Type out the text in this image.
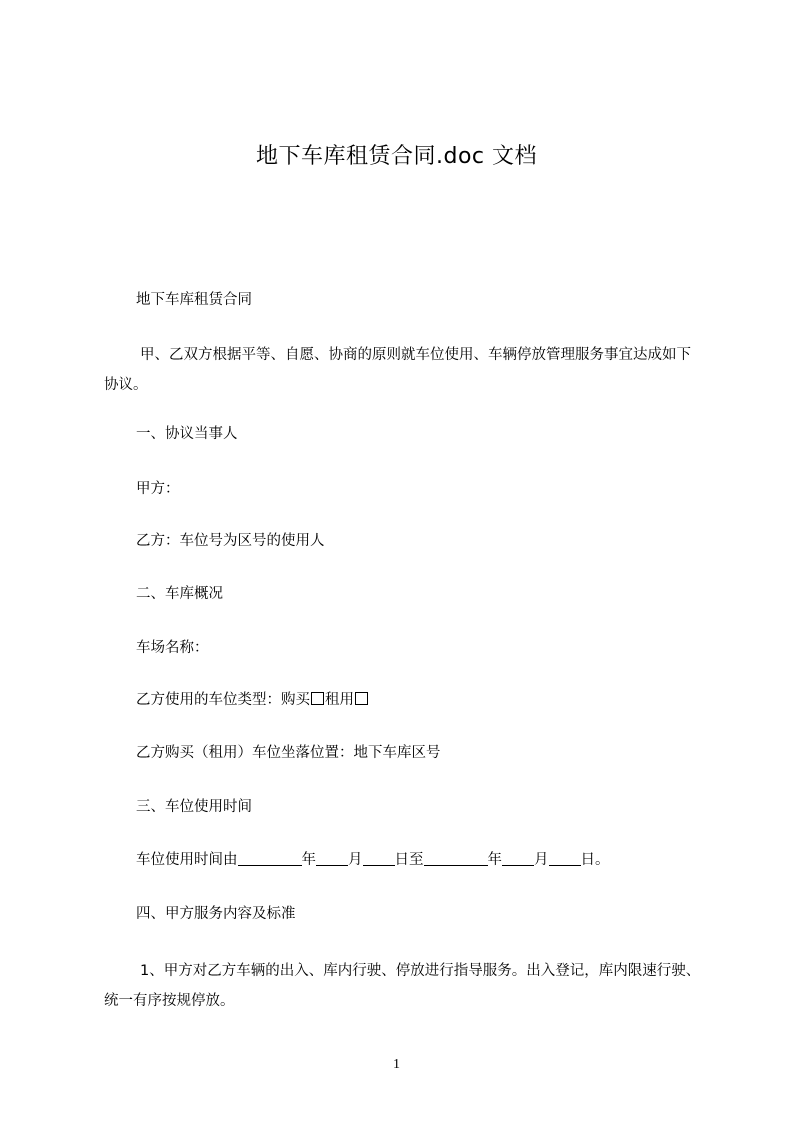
地下车库租赁合同.doc 文档
地下车库租赁合同
甲、乙双方根据平等、自愿、协商的原则就车位使用、车辆停放管理服务事宜达成如下协议。
一、协议当事人
甲方：
乙方：车位号为区号的使用人
二、车库概况
车场名称：
乙方使用的车位类型：购买 租用
乙方购买（租用）车位坐落位置：地下车库区号
三、车位使用时间
车位使用时间由	年 月 日至	年 月 日。
四、甲方服务内容及标准
1、甲方对乙方车辆的出入、库内行驶、停放进行指导服务。出入登记，库内限速行驶、统一有序按规停放。
1
